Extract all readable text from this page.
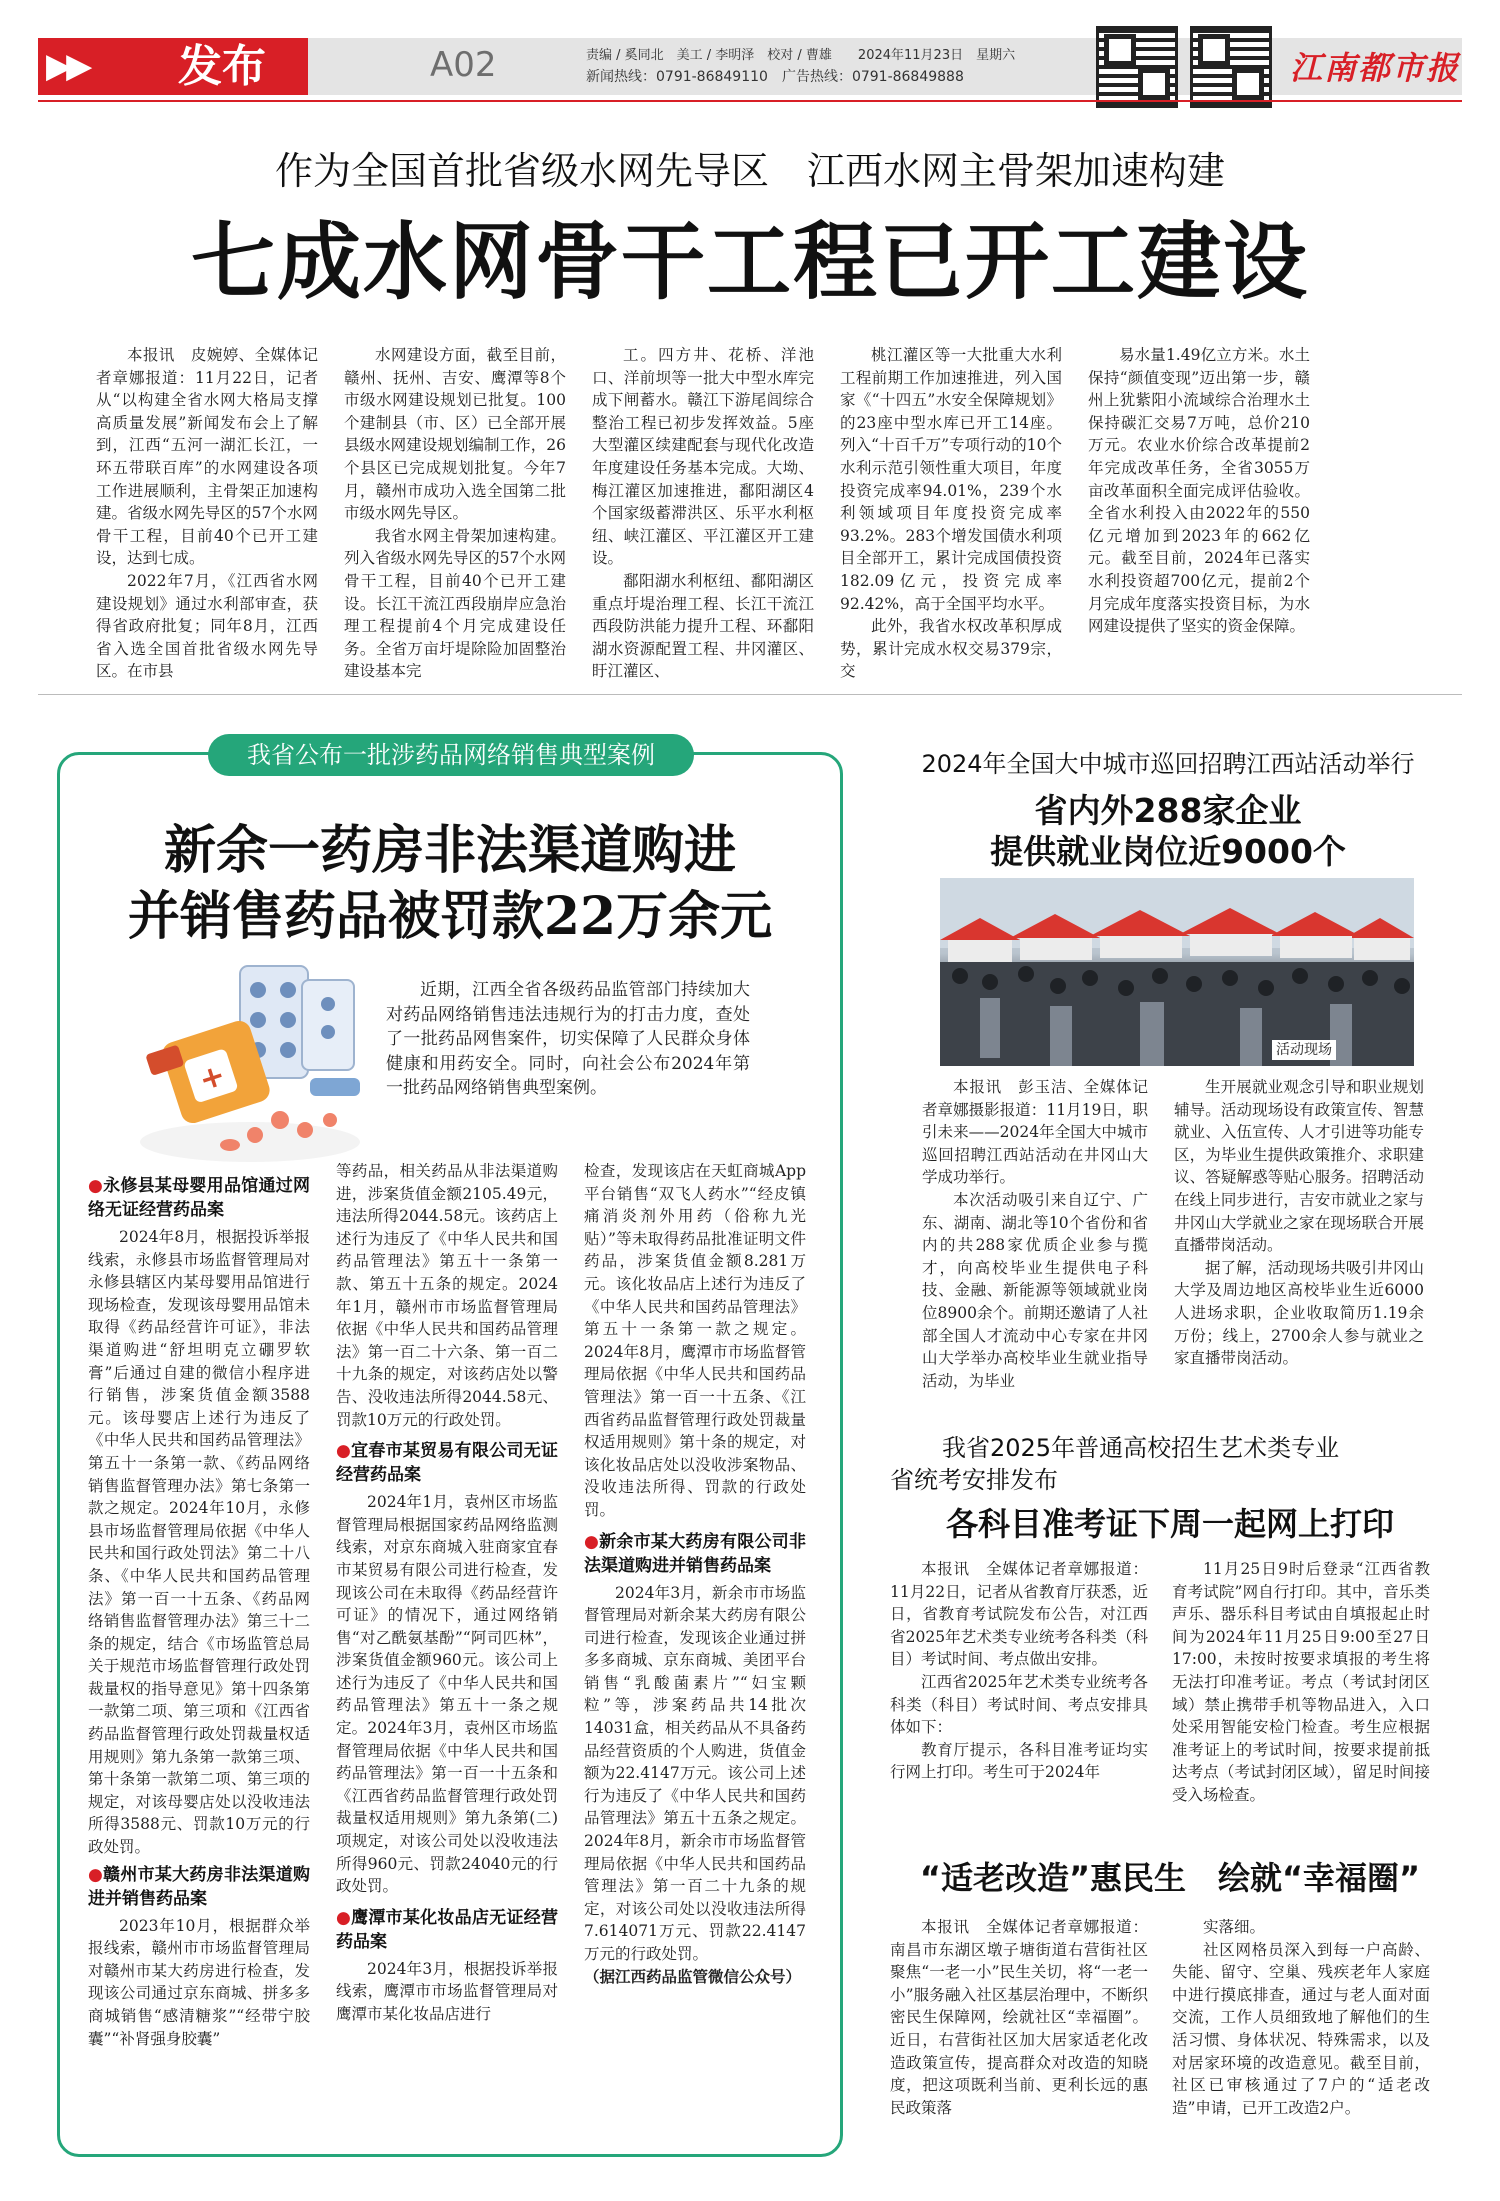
▶▶ 发布	A02	责编 / 奚同北　美工 / 李明泽　校对 / 曹雄　　2024年11月23日　星期六
新闻热线：0791-86849110　广告热线：0791-86849888	江南都市报
作为全国首批省级水网先导区　江西水网主骨架加速构建
七成水网骨干工程已开工建设

本报讯　皮婉婷、全媒体记者章娜报道：11月22日，记者从“以构建全省水网大格局支撑高质量发展”新闻发布会上了解到，江西“五河一湖汇长江，一环五带联百库”的水网建设各项工作进展顺利，主骨架正加速构建。省级水网先导区的57个水网骨干工程，目前40个已开工建设，达到七成。

2022年7月，《江西省水网建设规划》通过水利部审查，获得省政府批复；同年8月，江西省入选全国首批省级水网先导区。在市县

水网建设方面，截至目前，赣州、抚州、吉安、鹰潭等8个市级水网建设规划已批复。100个建制县（市、区）已全部开展县级水网建设规划编制工作，26个县区已完成规划批复。今年7月，赣州市成功入选全国第二批市级水网先导区。

我省水网主骨架加速构建。列入省级水网先导区的57个水网骨干工程，目前40个已开工建设。长江干流江西段崩岸应急治理工程提前4个月完成建设任务。全省万亩圩堤除险加固整治建设基本完

工。四方井、花桥、洋池口、洋前坝等一批大中型水库完成下闸蓄水。赣江下游尾闾综合整治工程已初步发挥效益。5座大型灌区续建配套与现代化改造年度建设任务基本完成。大坳、梅江灌区加速推进，鄱阳湖区4个国家级蓄滞洪区、乐平水利枢纽、峡江灌区、平江灌区开工建设。

鄱阳湖水利枢纽、鄱阳湖区重点圩堤治理工程、长江干流江西段防洪能力提升工程、环鄱阳湖水资源配置工程、井冈灌区、盱江灌区、

桃江灌区等一大批重大水利工程前期工作加速推进，列入国家《“十四五”水安全保障规划》的23座中型水库已开工14座。列入“十百千万”专项行动的10个水利示范引领性重大项目，年度投资完成率94.01%，239个水利领域项目年度投资完成率93.2%。283个增发国债水利项目全部开工，累计完成国债投资182.09亿元，投资完成率92.42%，高于全国平均水平。

此外，我省水权改革积厚成势，累计完成水权交易379宗，交

易水量1.49亿立方米。水土保持“颜值变现”迈出第一步，赣州上犹紫阳小流域综合治理水土保持碳汇交易7万吨，总价210万元。农业水价综合改革提前2年完成改革任务，全省3055万亩改革面积全面完成评估验收。全省水利投入由2022年的550亿元增加到2023年的662亿元。截至目前，2024年已落实水利投资超700亿元，提前2个月完成年度落实投资目标，为水网建设提供了坚实的资金保障。

我省公布一批涉药品网络销售典型案例
新余一药房非法渠道购进
并销售药品被罚款22万余元
+

近期，江西全省各级药品监管部门持续加大对药品网络销售违法违规行为的打击力度，查处了一批药品网售案件，切实保障了人民群众身体健康和用药安全。同时，向社会公布2024年第一批药品网络销售典型案例。

●永修县某母婴用品馆通过网络无证经营药品案

2024年8月，根据投诉举报线索，永修县市场监督管理局对永修县辖区内某母婴用品馆进行现场检查，发现该母婴用品馆未取得《药品经营许可证》，非法渠道购进“舒坦明克立硼罗软膏”后通过自建的微信小程序进行销售，涉案货值金额3588元。该母婴店上述行为违反了《中华人民共和国药品管理法》第五十一条第一款、《药品网络销售监督管理办法》第七条第一款之规定。2024年10月，永修县市场监督管理局依据《中华人民共和国行政处罚法》第二十八条、《中华人民共和国药品管理法》第一百一十五条、《药品网络销售监督管理办法》第三十二条的规定，结合《市场监管总局关于规范市场监督管理行政处罚裁量权的指导意见》第十四条第一款第二项、第三项和《江西省药品监督管理行政处罚裁量权适用规则》第九条第一款第三项、第十条第一款第二项、第三项的规定，对该母婴店处以没收违法所得3588元、罚款10万元的行政处罚。

●赣州市某大药房非法渠道购进并销售药品案

2023年10月，根据群众举报线索，赣州市市场监督管理局对赣州市某大药房进行检查，发现该公司通过京东商城、拼多多商城销售“感清糖浆”“经带宁胶囊”“补肾强身胶囊”

等药品，相关药品从非法渠道购进，涉案货值金额2105.49元，违法所得2044.58元。该药店上述行为违反了《中华人民共和国药品管理法》第五十一条第一款、第五十五条的规定。2024年1月，赣州市市场监督管理局依据《中华人民共和国药品管理法》第一百二十六条、第一百二十九条的规定，对该药店处以警告、没收违法所得2044.58元、罚款10万元的行政处罚。

●宜春市某贸易有限公司无证经营药品案

2024年1月，袁州区市场监督管理局根据国家药品网络监测线索，对京东商城入驻商家宜春市某贸易有限公司进行检查，发现该公司在未取得《药品经营许可证》的情况下，通过网络销售“对乙酰氨基酚”“阿司匹林”，涉案货值金额960元。该公司上述行为违反了《中华人民共和国药品管理法》第五十一条之规定。2024年3月，袁州区市场监督管理局依据《中华人民共和国药品管理法》第一百一十五条和《江西省药品监督管理行政处罚裁量权适用规则》第九条第(二)项规定，对该公司处以没收违法所得960元、罚款24040元的行政处罚。

●鹰潭市某化妆品店无证经营药品案

2024年3月，根据投诉举报线索，鹰潭市市场监督管理局对鹰潭市某化妆品店进行

检查，发现该店在天虹商城App平台销售“双飞人药水”“经皮镇痛消炎剂外用药（俗称九光贴）”等未取得药品批准证明文件药品，涉案货值金额8.281万元。该化妆品店上述行为违反了《中华人民共和国药品管理法》第五十一条第一款之规定。2024年8月，鹰潭市市场监督管理局依据《中华人民共和国药品管理法》第一百一十五条、《江西省药品监督管理行政处罚裁量权适用规则》第十条的规定，对该化妆品店处以没收涉案物品、没收违法所得、罚款的行政处罚。

●新余市某大药房有限公司非法渠道购进并销售药品案

2024年3月，新余市市场监督管理局对新余某大药房有限公司进行检查，发现该企业通过拼多多商城、京东商城、美团平台销售“乳酸菌素片”“妇宝颗粒”等，涉案药品共14批次14031盒，相关药品从不具备药品经营资质的个人购进，货值金额为22.4147万元。该公司上述行为违反了《中华人民共和国药品管理法》第五十五条之规定。2024年8月，新余市市场监督管理局依据《中华人民共和国药品管理法》第一百二十九条的规定，对该公司处以没收违法所得7.614071万元、罚款22.4147万元的行政处罚。

（据江西药品监管微信公众号）

2024年全国大中城市巡回招聘江西站活动举行
省内外288家企业
提供就业岗位近9000个
活动现场

本报讯　彭玉洁、全媒体记者章娜摄影报道：11月19日，职引未来——2024年全国大中城市巡回招聘江西站活动在井冈山大学成功举行。

本次活动吸引来自辽宁、广东、湖南、湖北等10个省份和省内的共288家优质企业参与揽才，向高校毕业生提供电子科技、金融、新能源等领域就业岗位8900余个。前期还邀请了人社部全国人才流动中心专家在井冈山大学举办高校毕业生就业指导活动，为毕业

生开展就业观念引导和职业规划辅导。活动现场设有政策宣传、智慧就业、入伍宣传、人才引进等功能专区，为毕业生提供政策推介、求职建议、答疑解惑等贴心服务。招聘活动在线上同步进行，吉安市就业之家与井冈山大学就业之家在现场联合开展直播带岗活动。

据了解，活动现场共吸引井冈山大学及周边地区高校毕业生近6000人进场求职，企业收取简历1.19余万份；线上，2700余人参与就业之家直播带岗活动。

我省2025年普通高校招生艺术类专业
省统考安排发布
各科目准考证下周一起网上打印

本报讯　全媒体记者章娜报道：11月22日，记者从省教育厅获悉，近日，省教育考试院发布公告，对江西省2025年艺术类专业统考各科类（科目）考试时间、考点做出安排。

江西省2025年艺术类专业统考各科类（科目）考试时间、考点安排具体如下：

教育厅提示，各科目准考证均实行网上打印。考生可于2024年

11月25日9时后登录“江西省教育考试院”网自行打印。其中，音乐类声乐、器乐科目考试由自填报起止时间为2024年11月25日9:00至27日17:00，未按时按要求填报的考生将无法打印准考证。考点（考试封闭区域）禁止携带手机等物品进入，入口处采用智能安检门检查。考生应根据准考证上的考试时间，按要求提前抵达考点（考试封闭区域），留足时间接受入场检查。

“适老改造”惠民生　绘就“幸福圈”

本报讯　全媒体记者章娜报道：南昌市东湖区墩子塘街道右营街社区聚焦“一老一小”民生关切，将“一老一小”服务融入社区基层治理中，不断织密民生保障网，绘就社区“幸福圈”。近日，右营街社区加大居家适老化改造政策宣传，提高群众对改造的知晓度，把这项既利当前、更利长远的惠民政策落

实落细。

社区网格员深入到每一户高龄、失能、留守、空巢、残疾老年人家庭中进行摸底排查，通过与老人面对面交流，工作人员细致地了解他们的生活习惯、身体状况、特殊需求，以及对居家环境的改造意见。截至目前，社区已审核通过了7户的“适老改造”申请，已开工改造2户。
